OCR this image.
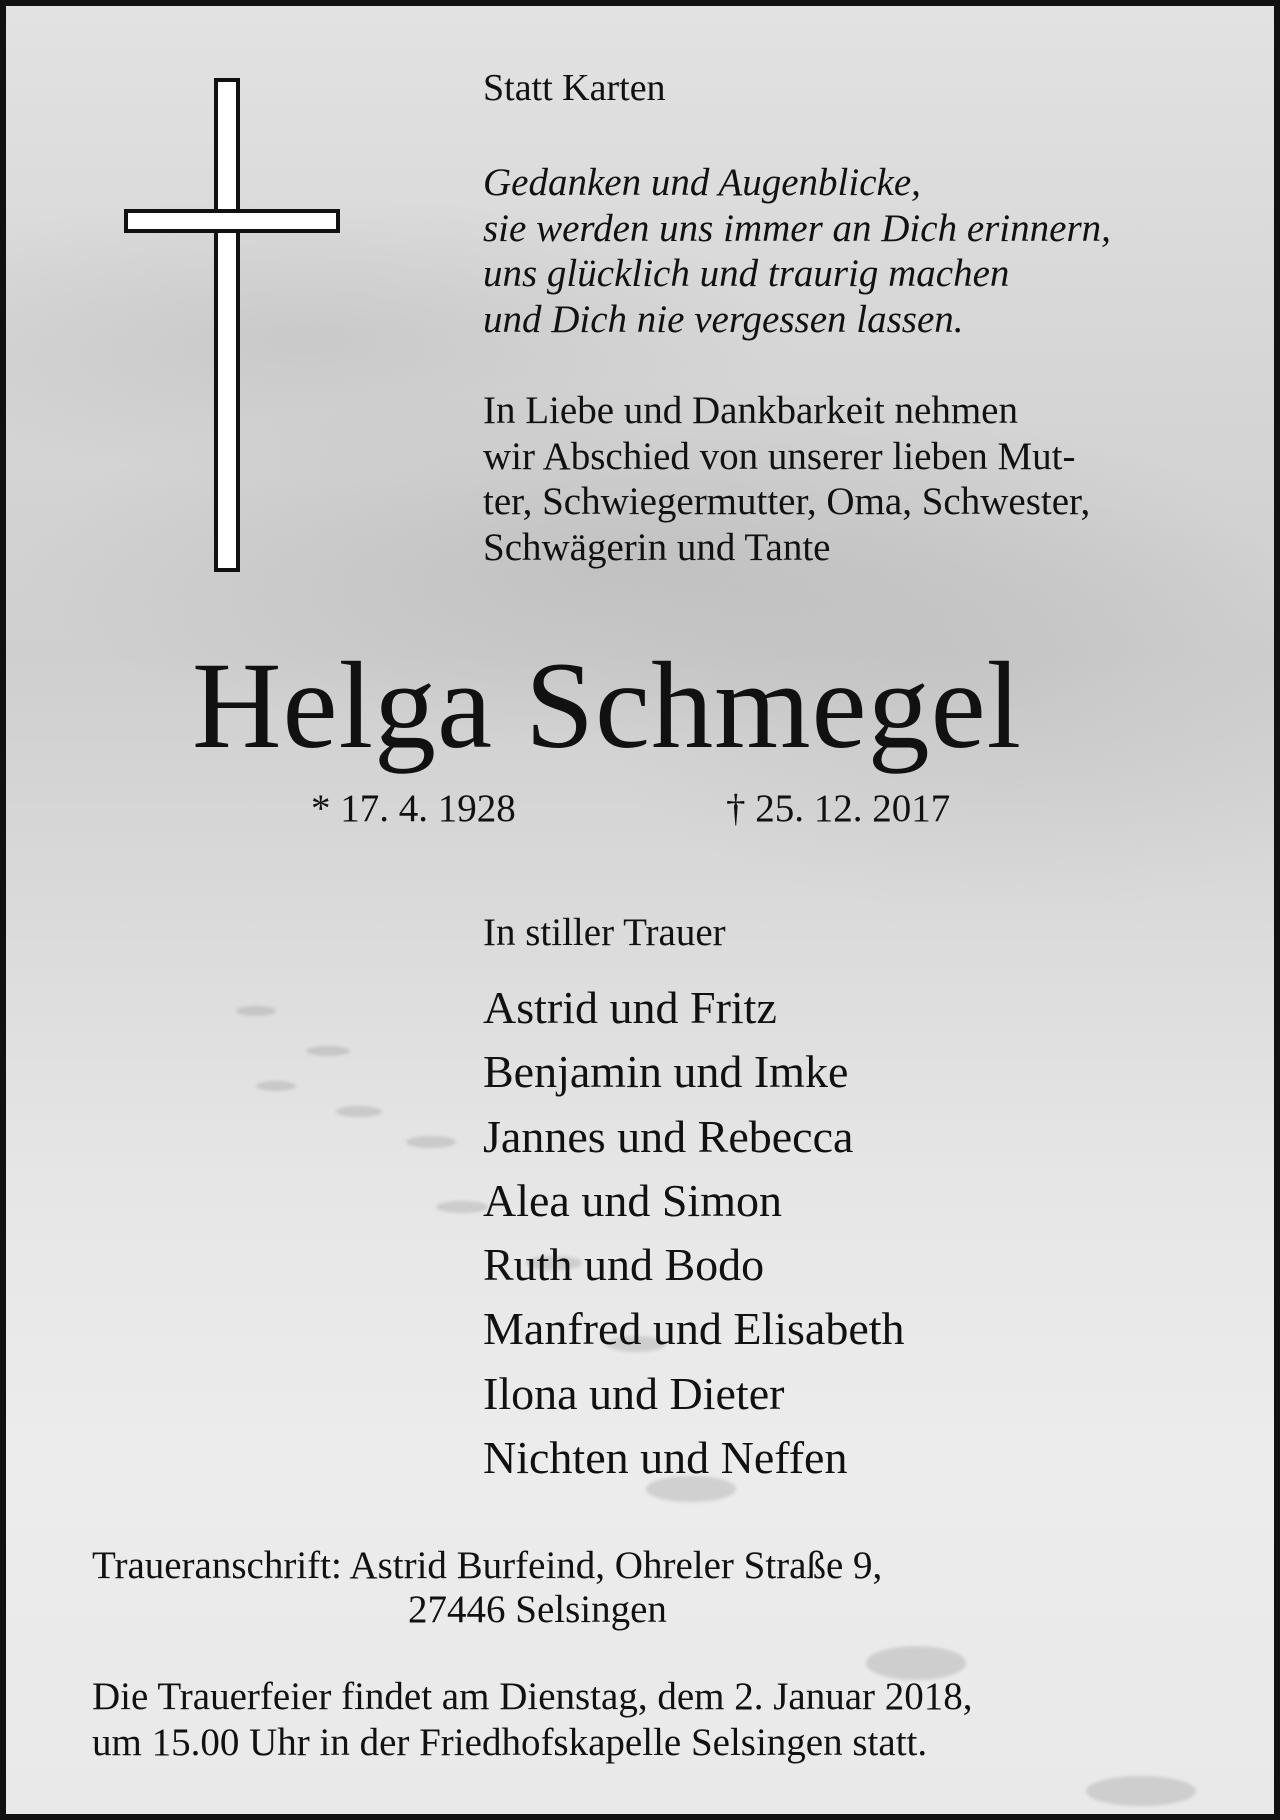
Statt Karten

Gedanken und Augenblicke,
sie werden uns immer an Dich erinnern,
uns glücklich und traurig machen
und Dich nie vergessen lassen.

In Liebe und Dankbarkeit nehmen
wir Abschied von unserer lieben Mut-
ter, Schwiegermutter, Oma, Schwester,
Schwägerin und Tante

Helga Schmegel

* 17. 4. 1928	† 25. 12. 2017

In stiller Trauer

Astrid und Fritz
Benjamin und Imke
Jannes und Rebecca
Alea und Simon
Ruth und Bodo
Manfred und Elisabeth
Ilona und Dieter
Nichten und Neffen

Traueranschrift: Astrid Burfeind, Ohreler Straße 9,
27446 Selsingen

Die Trauerfeier findet am Dienstag, dem 2. Januar 2018,
um 15.00 Uhr in der Friedhofskapelle Selsingen statt.
